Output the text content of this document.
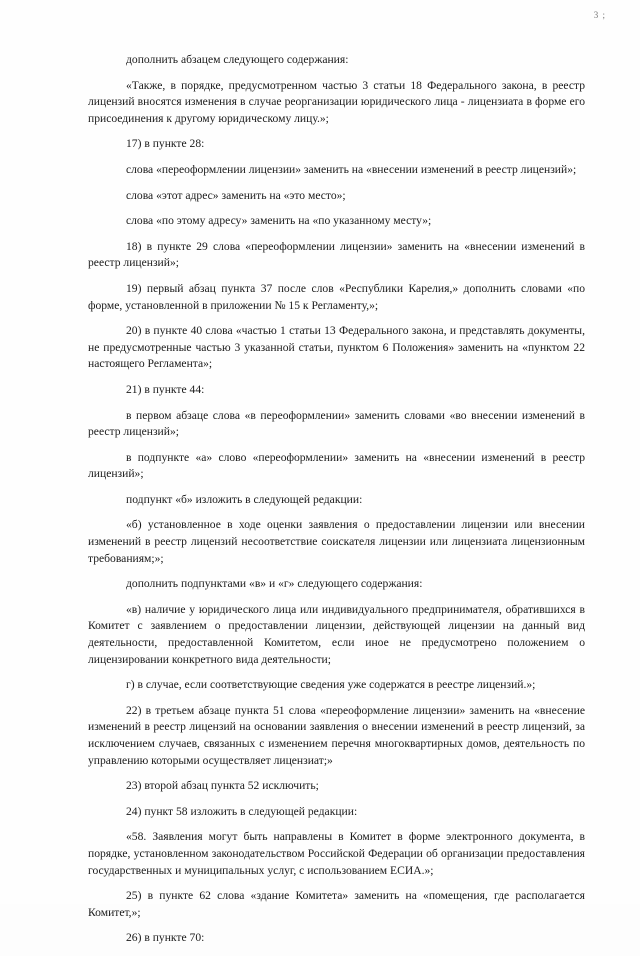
3 ;

дополнить абзацем следующего содержания:

«Также, в порядке, предусмотренном частью 3 статьи 18 Федерального закона, в реестр лицензий вносятся изменения в случае реорганизации юридического лица - лицензиата в форме его присоединения к другому юридическому лицу.»;

17) в пункте 28:

слова «переоформлении лицензии» заменить на «внесении изменений в реестр лицензий»;

слова «этот адрес» заменить на «это место»;

слова «по этому адресу» заменить на «по указанному месту»;

18) в пункте 29 слова «переоформлении лицензии» заменить на «внесении изменений в реестр лицензий»;

19) первый абзац пункта 37 после слов «Республики Карелия,» дополнить словами «по форме, установленной в приложении № 15 к Регламенту,»;

20) в пункте 40 слова «частью 1 статьи 13 Федерального закона, и представлять документы, не предусмотренные частью 3 указанной статьи, пунктом 6 Положения» заменить на «пунктом 22 настоящего Регламента»;

21) в пункте 44:

в первом абзаце слова «в переоформлении» заменить словами «во внесении изменений в реестр лицензий»;

в подпункте «а» слово «переоформлении» заменить на «внесении изменений в реестр лицензий»;

подпункт «б» изложить в следующей редакции:

«б) установленное в ходе оценки заявления о предоставлении лицензии или внесении изменений в реестр лицензий несоответствие соискателя лицензии или лицензиата лицензионным требованиям;»;

дополнить подпунктами «в» и «г» следующего содержания:

«в) наличие у юридического лица или индивидуального предпринимателя, обратившихся в Комитет с заявлением о предоставлении лицензии, действующей лицензии на данный вид деятельности, предоставленной Комитетом, если иное не предусмотрено положением о лицензировании конкретного вида деятельности;

г) в случае, если соответствующие сведения уже содержатся в реестре лицензий.»;

22) в третьем абзаце пункта 51 слова «переоформление лицензии» заменить на «внесение изменений в реестр лицензий на основании заявления о внесении изменений в реестр лицензий, за исключением случаев, связанных с изменением перечня многоквартирных домов, деятельность по управлению которыми осуществляет лицензиат;»

23) второй абзац пункта 52 исключить;

24) пункт 58 изложить в следующей редакции:

«58. Заявления могут быть направлены в Комитет в форме электронного документа, в порядке, установленном законодательством Российской Федерации об организации предоставления государственных и муниципальных услуг, с использованием ЕСИА.»;

25) в пункте 62 слова «здание Комитета» заменить на «помещения, где располагается Комитет,»;

26) в пункте 70:
